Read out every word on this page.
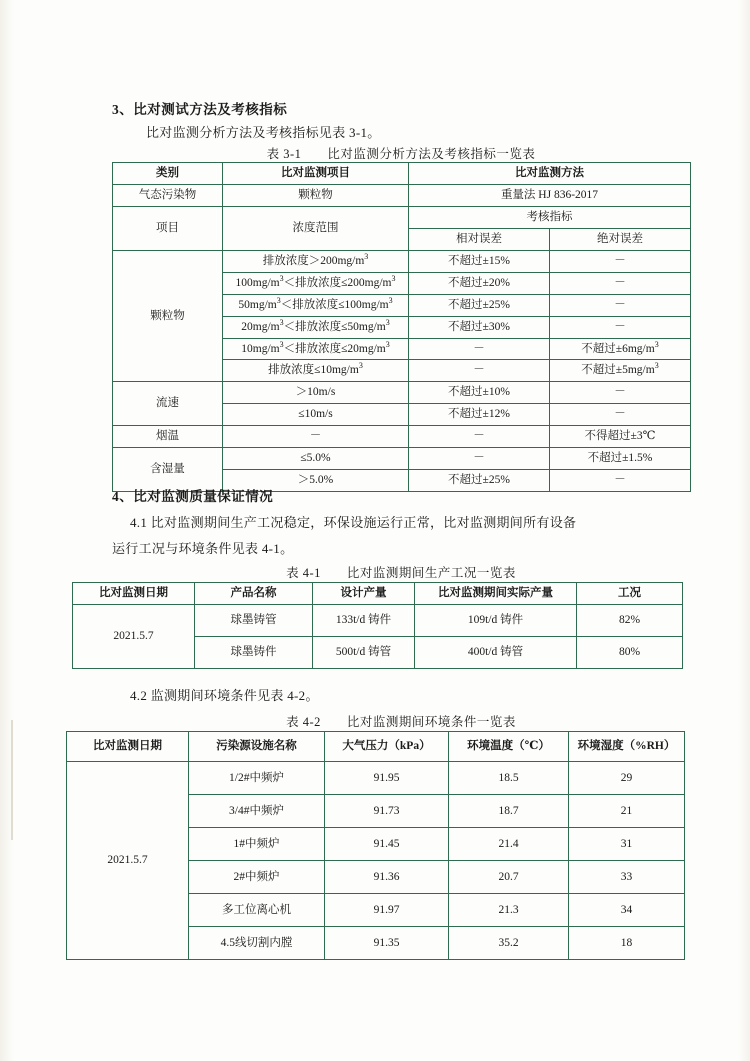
3、比对测试方法及考核指标
比对监测分析方法及考核指标见表 3-1。
表 3-1 比对监测分析方法及考核指标一览表
类别	比对监测项目	比对监测方法	
气态污染物	颗粒物	重量法 HJ 836-2017	
项目	浓度范围	考核指标	
		相对误差	绝对误差
颗粒物	排放浓度$>200mg/m^3$	不超过±15%	－
	$100mg/m^3<$排放浓度$\le 200mg/m^3$	不超过±20%	－
	$50mg/m^3<$排放浓度$\le 100mg/m^3$	不超过±25%	－
	$20mg/m^3<$排放浓度$\le 50mg/m^3$	不超过±30%	－
	$10mg/m^3<$排放浓度$\le 20mg/m^3$	－	不超过$\pm 6mg/m^3$
	排放浓度$\le 10mg/m^3$	－	不超过$\pm 5mg/m^3$
流速	＞10m/s	不超过±10%	－
	≤10m/s	不超过±12%	－
烟温	－	－	不得超过±3℃
含湿量	≤5.0%	－	不超过±1.5%
	＞5.0%	不超过±25%	－
4、比对监测质量保证情况
4.1 比对监测期间生产工况稳定，环保设施运行正常，比对监测期间所有设备
运行工况与环境条件见表 4-1。
表 4-1 比对监测期间生产工况一览表
比对监测日期	产品名称	设计产量	比对监测期间实际产量	工况
2021.5.7	球墨铸管	133t/d 铸件	109t/d 铸件	82%
	球墨铸件	500t/d 铸管	400t/d 铸管	80%
4.2 监测期间环境条件见表 4-2。
表 4-2 比对监测期间环境条件一览表
比对监测日期	污染源设施名称	大气压力（kPa）	环境温度（℃）	环境湿度（%RH）
2021.5.7	1/2#中频炉	91.95	18.5	29
	3/4#中频炉	91.73	18.7	21
	1#中频炉	91.45	21.4	31
	2#中频炉	91.36	20.7	33
	多工位离心机	91.97	21.3	34
	4.5线切割内膛	91.35	35.2	18
